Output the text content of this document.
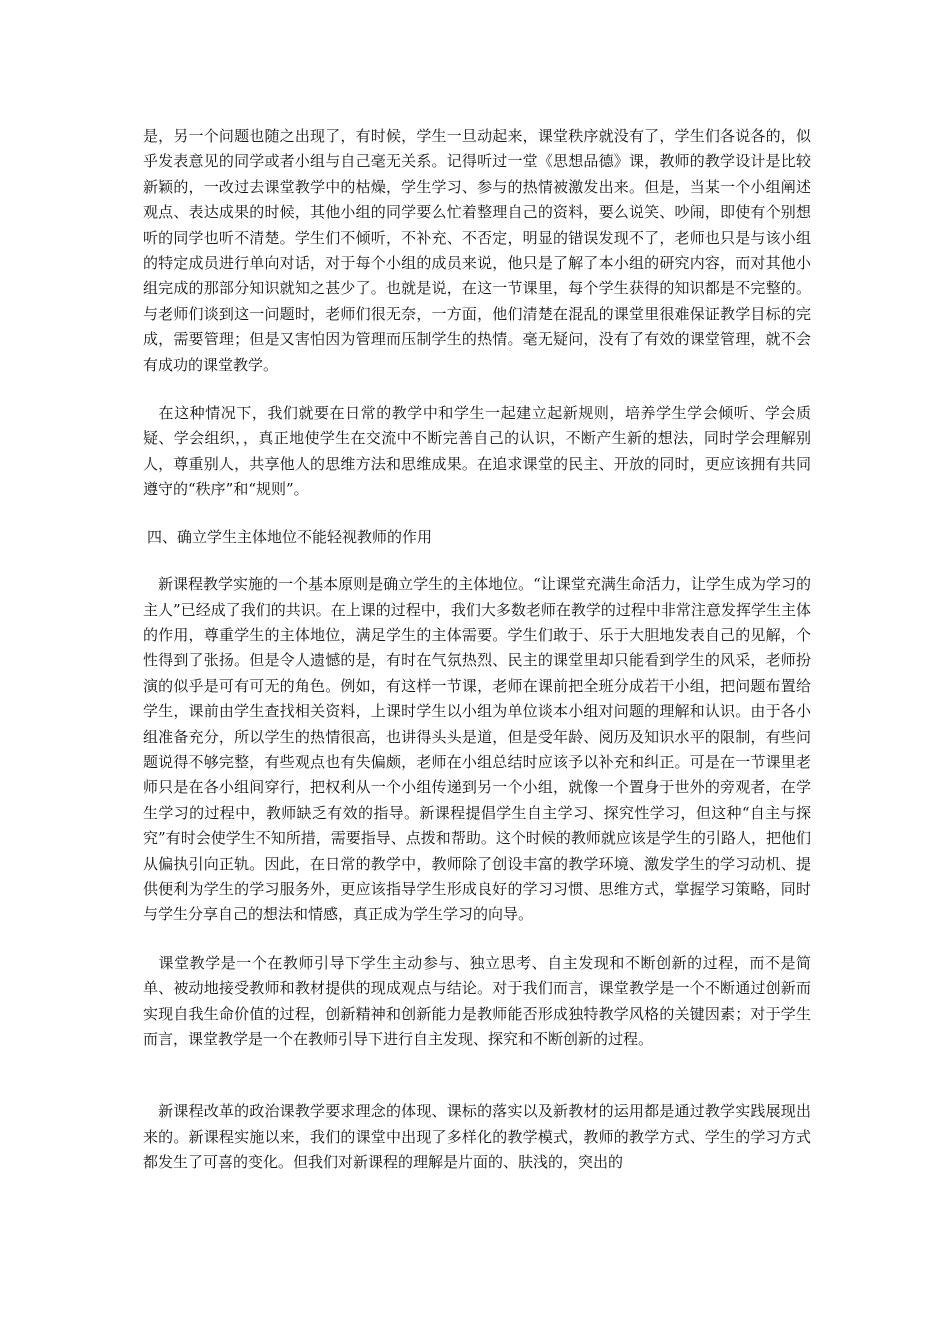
是，另一个问题也随之出现了，有时候，学生一旦动起来，课堂秩序就没有了，学生们各说各的，似乎发表意见的同学或者小组与自己毫无关系。记得听过一堂《思想品德》课，教师的教学设计是比较新颖的，一改过去课堂教学中的枯燥，学生学习、参与的热情被激发出来。但是，当某一个小组阐述观点、表达成果的时候，其他小组的同学要么忙着整理自己的资料，要么说笑、吵闹，即使有个别想听的同学也听不清楚。学生们不倾听，不补充、不否定，明显的错误发现不了，老师也只是与该小组的特定成员进行单向对话，对于每个小组的成员来说，他只是了解了本小组的研究内容，而对其他小组完成的那部分知识就知之甚少了。也就是说，在这一节课里，每个学生获得的知识都是不完整的。与老师们谈到这一问题时，老师们很无奈，一方面，他们清楚在混乱的课堂里很难保证教学目标的完成，需要管理；但是又害怕因为管理而压制学生的热情。毫无疑问，没有了有效的课堂管理，就不会有成功的课堂教学。

　在这种情况下，我们就要在日常的教学中和学生一起建立起新规则，培养学生学会倾听、学会质疑、学会组织，，真正地使学生在交流中不断完善自己的认识，不断产生新的想法，同时学会理解别人，尊重别人，共享他人的思维方法和思维成果。在追求课堂的民主、开放的同时，更应该拥有共同遵守的“秩序”和“规则”。

四、确立学生主体地位不能轻视教师的作用

　新课程教学实施的一个基本原则是确立学生的主体地位。“让课堂充满生命活力，让学生成为学习的主人”已经成了我们的共识。在上课的过程中，我们大多数老师在教学的过程中非常注意发挥学生主体的作用，尊重学生的主体地位，满足学生的主体需要。学生们敢于、乐于大胆地发表自己的见解，个性得到了张扬。但是令人遗憾的是，有时在气氛热烈、民主的课堂里却只能看到学生的风采，老师扮演的似乎是可有可无的角色。例如，有这样一节课，老师在课前把全班分成若干小组，把问题布置给学生，课前由学生查找相关资料，上课时学生以小组为单位谈本小组对问题的理解和认识。由于各小组准备充分，所以学生的热情很高，也讲得头头是道，但是受年龄、阅历及知识水平的限制，有些问题说得不够完整，有些观点也有失偏颇，老师在小组总结时应该予以补充和纠正。可是在一节课里老师只是在各小组间穿行，把权利从一个小组传递到另一个小组，就像一个置身于世外的旁观者，在学生学习的过程中，教师缺乏有效的指导。新课程提倡学生自主学习、探究性学习，但这种“自主与探究”有时会使学生不知所措，需要指导、点拨和帮助。这个时候的教师就应该是学生的引路人，把他们从偏执引向正轨。因此，在日常的教学中，教师除了创设丰富的教学环境、激发学生的学习动机、提供便利为学生的学习服务外，更应该指导学生形成良好的学习习惯、思维方式，掌握学习策略，同时与学生分享自己的想法和情感，真正成为学生学习的向导。

　课堂教学是一个在教师引导下学生主动参与、独立思考、自主发现和不断创新的过程，而不是简单、被动地接受教师和教材提供的现成观点与结论。对于我们而言，课堂教学是一个不断通过创新而实现自我生命价值的过程，创新精神和创新能力是教师能否形成独特教学风格的关键因素；对于学生而言，课堂教学是一个在教师引导下进行自主发现、探究和不断创新的过程。

　新课程改革的政治课教学要求理念的体现、课标的落实以及新教材的运用都是通过教学实践展现出来的。新课程实施以来，我们的课堂中出现了多样化的教学模式，教师的教学方式、学生的学习方式都发生了可喜的变化。但我们对新课程的理解是片面的、肤浅的，突出的
